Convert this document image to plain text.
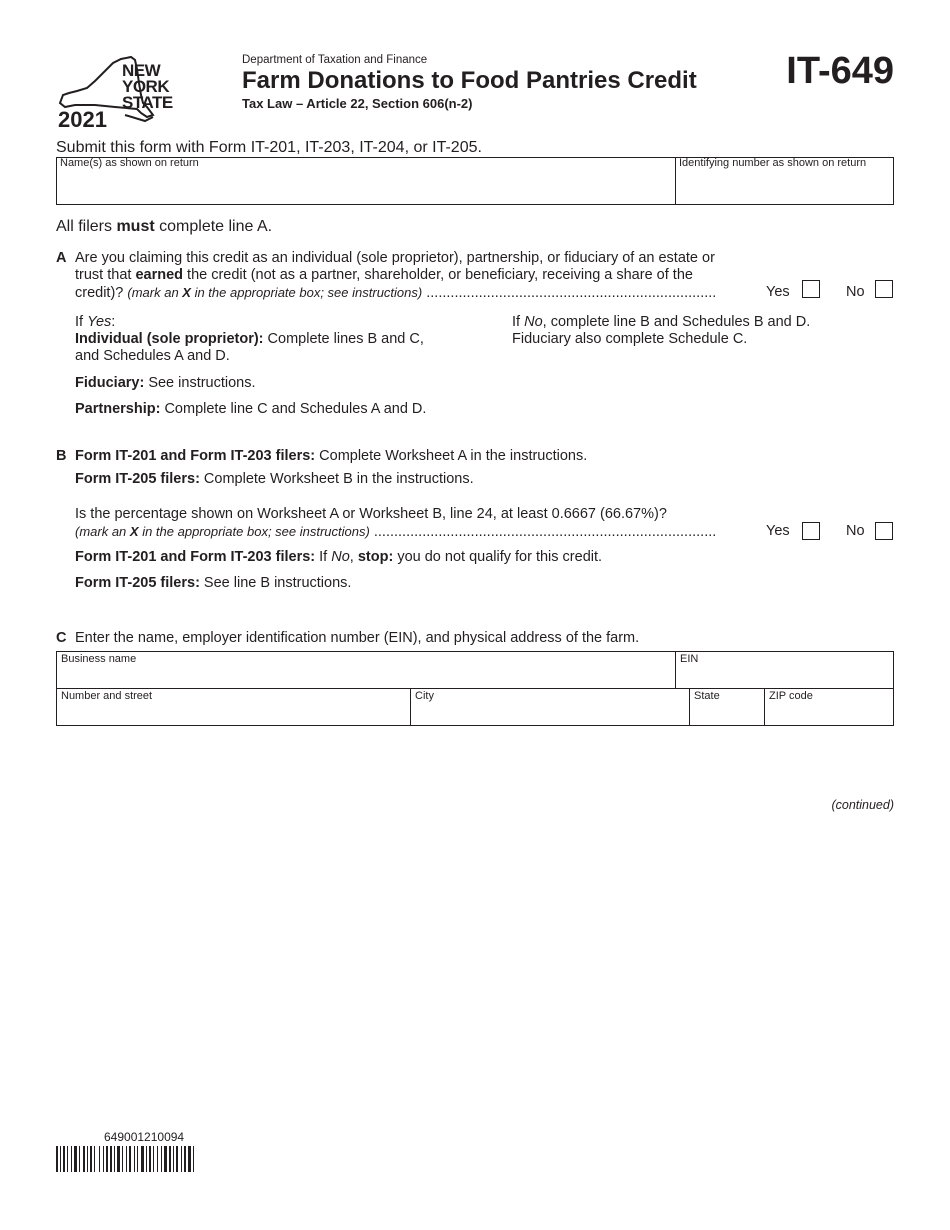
NEW
YORK
STATE
2021
Department of Taxation and Finance
Farm Donations to Food Pantries Credit
Tax Law – Article 22, Section 606(n-2)
IT-649
Submit this form with Form IT-201, IT-203, IT-204, or IT-205.
Name(s) as shown on return	Identifying number as shown on return
All filers must complete line A.
A Are you claiming this credit as an individual (sole proprietor), partnership, or fiduciary of an estate or
trust that earned the credit (not as a partner, shareholder, or beneficiary, receiving a share of the
credit)? (mark an X in the appropriate box; see instructions) ........................................................................	Yes	No
If Yes:
Individual (sole proprietor): Complete lines B and C,
and Schedules A and D.
If No, complete line B and Schedules B and D.
Fiduciary also complete Schedule C.
Fiduciary: See instructions.
Partnership: Complete line C and Schedules A and D.
B Form IT-201 and Form IT-203 filers: Complete Worksheet A in the instructions.
Form IT-205 filers: Complete Worksheet B in the instructions.
Is the percentage shown on Worksheet A or Worksheet B, line 24, at least 0.6667 (66.67%)?
(mark an X in the appropriate box; see instructions) .....................................................................................	Yes	No
Form IT-201 and Form IT-203 filers: If No, stop: you do not qualify for this credit.
Form IT-205 filers: See line B instructions.
C Enter the name, employer identification number (EIN), and physical address of the farm.
Business name	EIN
Number and street	City	State	ZIP code
(continued)
649001210094
